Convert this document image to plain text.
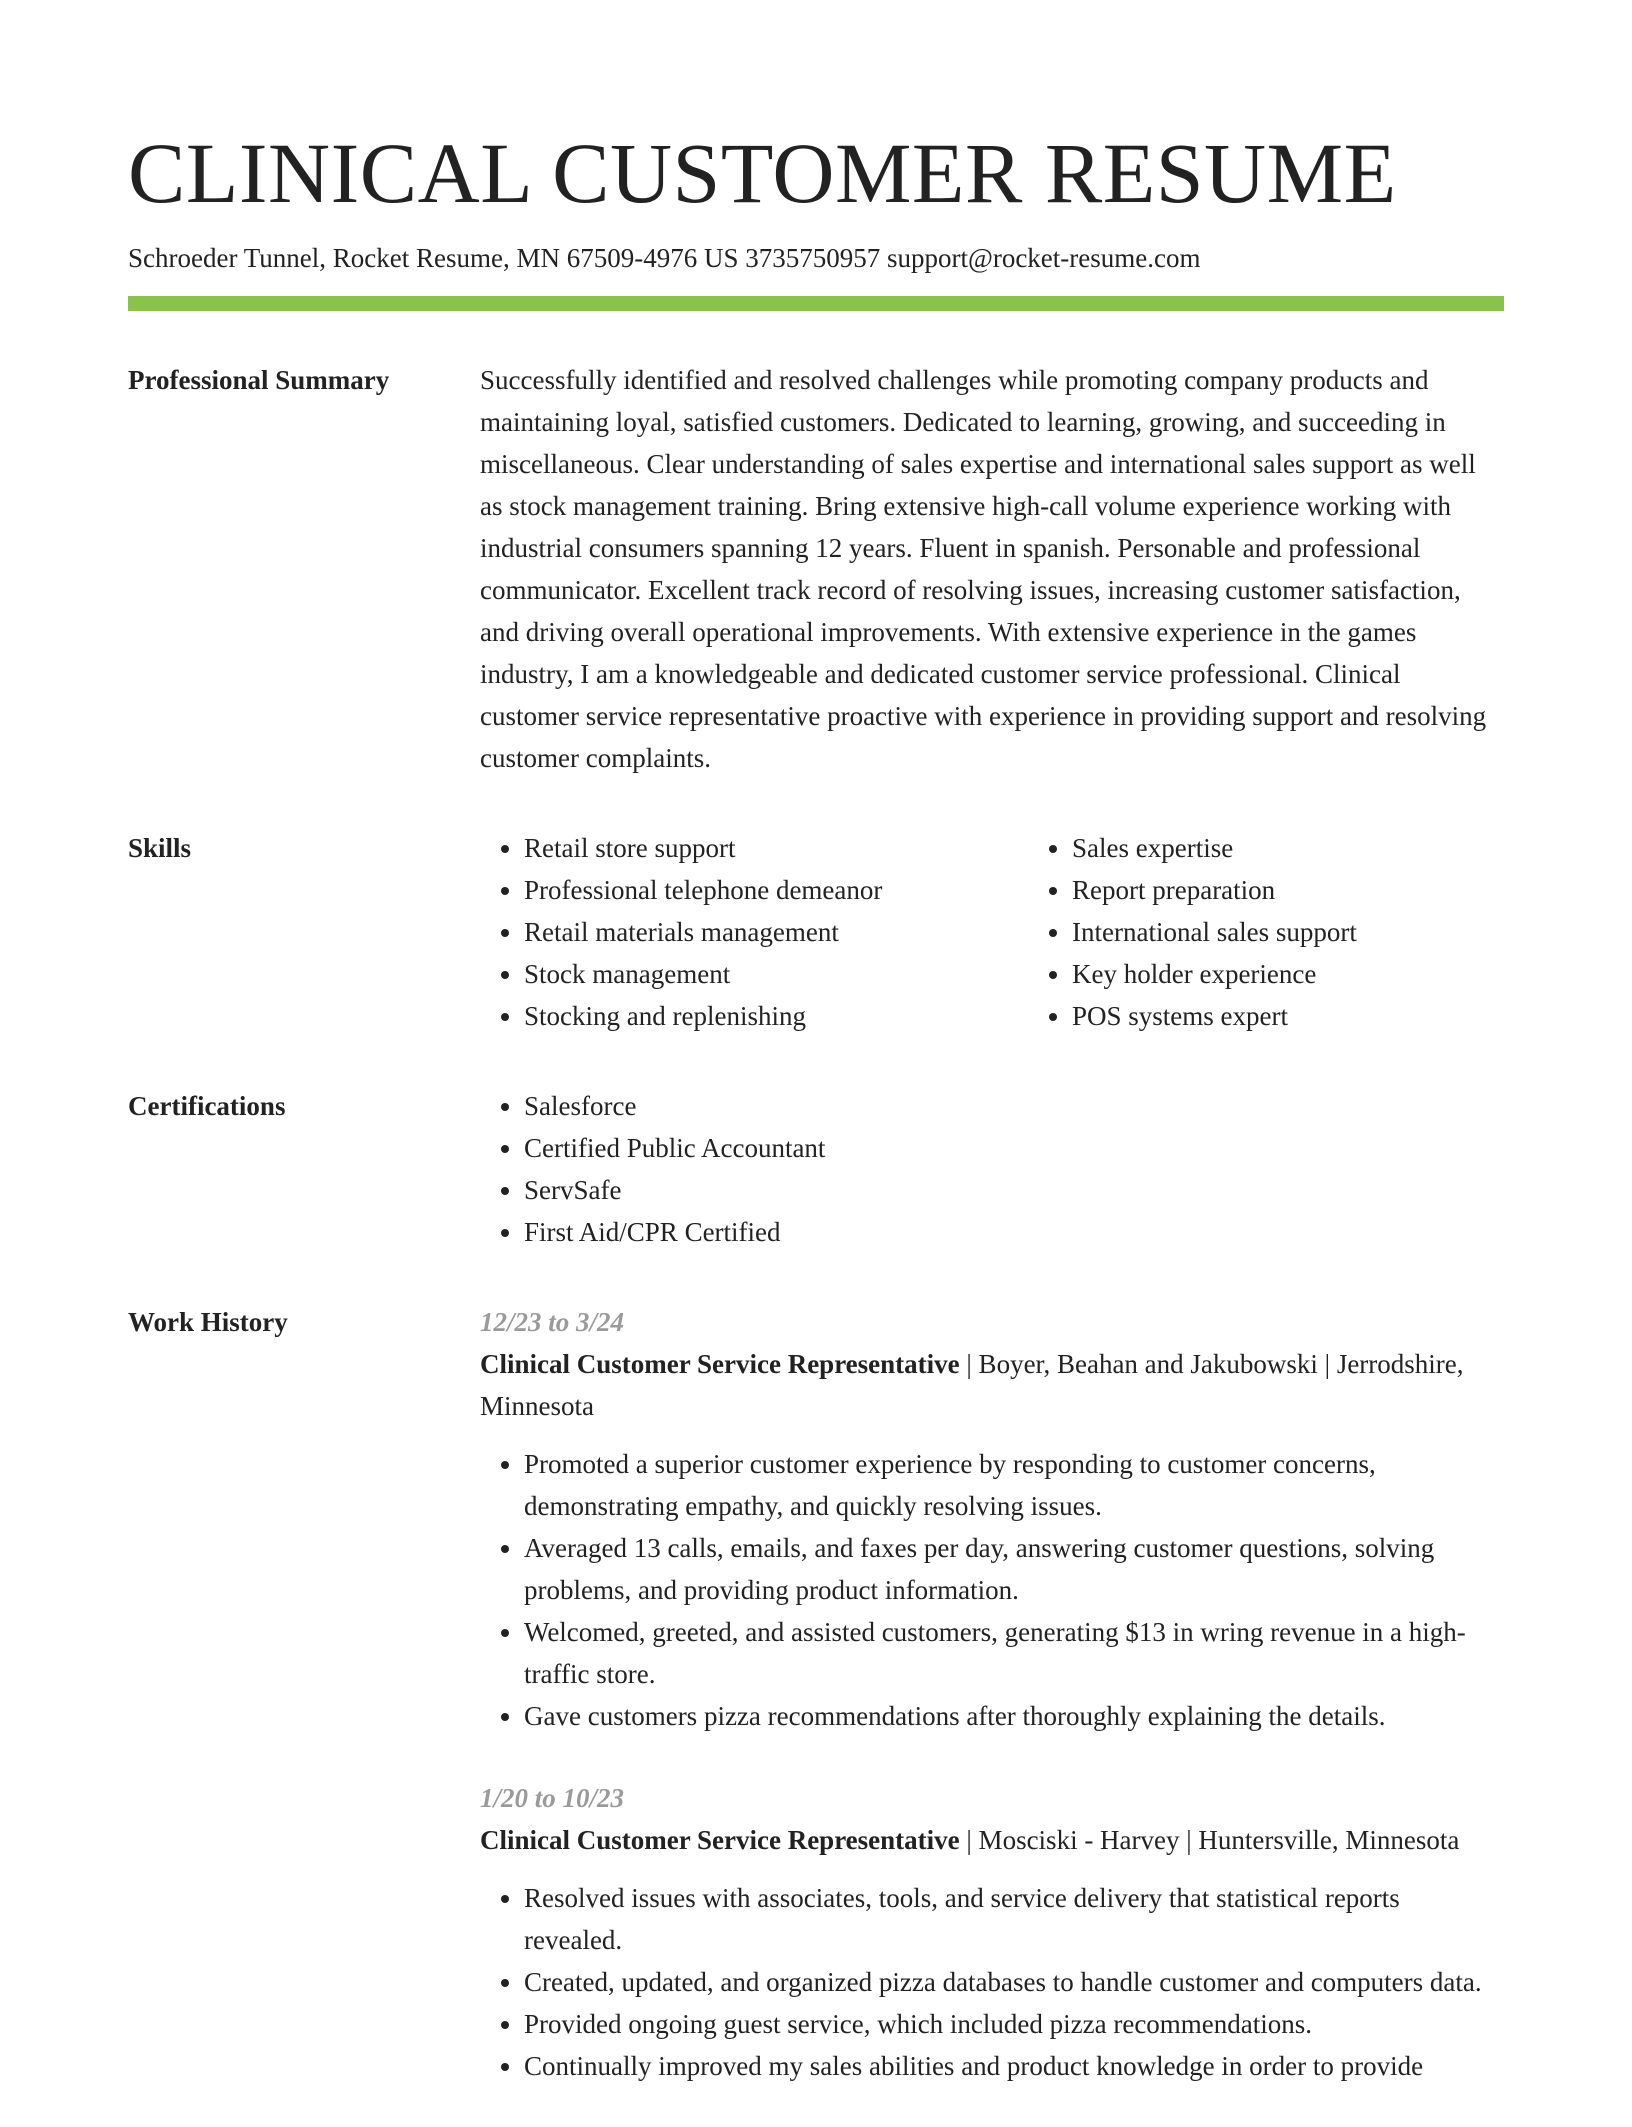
CLINICAL CUSTOMER RESUME
Schroeder Tunnel, Rocket Resume, MN 67509-4976 US 3735750957 support@rocket-resume.com
Professional Summary	Successfully identified and resolved challenges while promoting company products and maintaining loyal, satisfied customers. Dedicated to learning, growing, and succeeding in miscellaneous. Clear understanding of sales expertise and international sales support as well as stock management training. Bring extensive high-call volume experience working with industrial consumers spanning 12 years. Fluent in spanish. Personable and professional communicator. Excellent track record of resolving issues, increasing customer satisfaction, and driving overall operational improvements. With extensive experience in the games industry, I am a knowledgeable and dedicated customer service professional. Clinical customer service representative proactive with experience in providing support and resolving customer complaints.

Skills	• Retail store support
• Professional telephone demeanor
• Retail materials management
• Stock management
• Stocking and replenishing
• Sales expertise
• Report preparation
• International sales support
• Key holder experience
• POS systems expert
Certifications	• Salesforce
• Certified Public Accountant
• ServSafe
• First Aid/CPR Certified
Work History	12/23 to 3/24
Clinical Customer Service Representative | Boyer, Beahan and Jakubowski | Jerrodshire, Minnesota
• Promoted a superior customer experience by responding to customer concerns, demonstrating empathy, and quickly resolving issues.
• Averaged 13 calls, emails, and faxes per day, answering customer questions, solving problems, and providing product information.
• Welcomed, greeted, and assisted customers, generating $13 in wring revenue in a high-traffic store.
• Gave customers pizza recommendations after thoroughly explaining the details.
1/20 to 10/23
Clinical Customer Service Representative | Mosciski - Harvey | Huntersville, Minnesota
• Resolved issues with associates, tools, and service delivery that statistical reports revealed.
• Created, updated, and organized pizza databases to handle customer and computers data.
• Provided ongoing guest service, which included pizza recommendations.
• Continually improved my sales abilities and product knowledge in order to provide
